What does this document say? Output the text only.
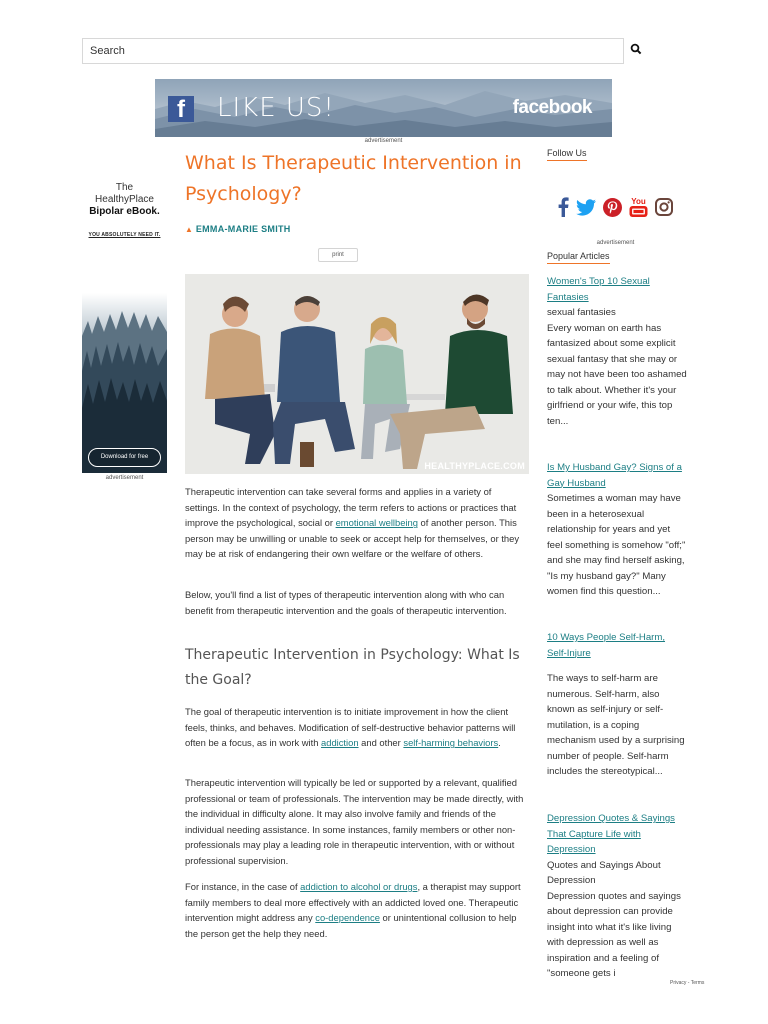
Search
f	LIKE US!	facebook
advertisement
The
HealthyPlace
Bipolar eBook.
YOU ABSOLUTELY NEED IT.
Download for free
advertisement
What Is Therapeutic Intervention in Psychology?
▲ EMMA-MARIE SMITH
print
HEALTHYPLACE.COM

Therapeutic intervention can take several forms and applies in a variety of settings. In the context of psychology, the term refers to actions or practices that improve the psychological, social or emotional wellbeing of another person. This person may be unwilling or unable to seek or accept help for themselves, or they may be at risk of endangering their own welfare or the welfare of others.

Below, you'll find a list of types of therapeutic intervention along with who can benefit from therapeutic intervention and the goals of therapeutic intervention.

Therapeutic Intervention in Psychology: What Is the Goal?

The goal of therapeutic intervention is to initiate improvement in how the client feels, thinks, and behaves. Modification of self-destructive behavior patterns will often be a focus, as in work with addiction and other self-harming behaviors.

Therapeutic intervention will typically be led or supported by a relevant, qualified professional or team of professionals. The intervention may be made directly, with the individual in difficulty alone. It may also involve family and friends of the individual needing assistance. In some instances, family members or other non-professionals may play a leading role in therapeutic intervention, with or without professional supervision.

For instance, in the case of addiction to alcohol or drugs, a therapist may support family members to deal more effectively with an addicted loved one. Therapeutic intervention might address any co-dependence or unintentional collusion to help the person get the help they need.

Follow Us
You
advertisement
Popular Articles
Women's Top 10 Sexual Fantasies
sexual fantasies
Every woman on earth has fantasized about some explicit sexual fantasy that she may or may not have been too ashamed to talk about. Whether it's your girlfriend or your wife, this top ten...
Is My Husband Gay? Signs of a Gay Husband
Sometimes a woman may have been in a heterosexual relationship for years and yet feel something is somehow "off;" and she may find herself asking, "Is my husband gay?" Many women find this question...
10 Ways People Self-Harm, Self-Injure
The ways to self-harm are numerous. Self-harm, also known as self-injury or self-mutilation, is a coping mechanism used by a surprising number of people. Self-harm includes the stereotypical...
Depression Quotes & Sayings That Capture Life with Depression
Quotes and Sayings About Depression
Depression quotes and sayings about depression can provide insight into what it's like living with depression as well as inspiration and a feeling of "someone gets i
Privacy - Terms
